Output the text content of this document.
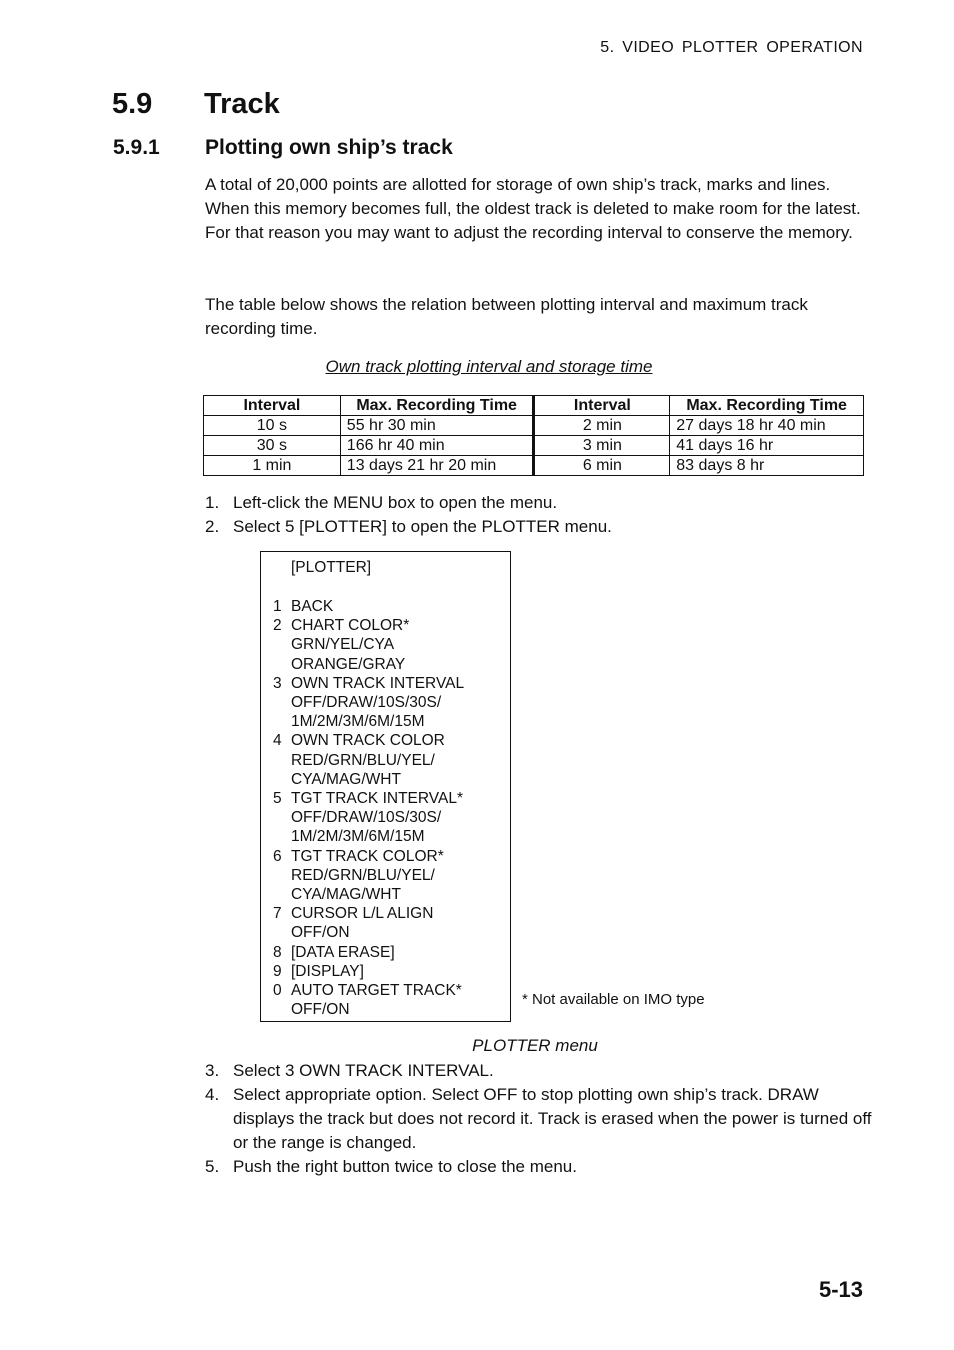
5. VIDEO PLOTTER OPERATION
5.9 Track
5.9.1 Plotting own ship’s track
A total of 20,000 points are allotted for storage of own ship’s track, marks and lines. When this memory becomes full, the oldest track is deleted to make room for the latest. For that reason you may want to adjust the recording interval to conserve the memory.
The table below shows the relation between plotting interval and maximum track recording time.
Own track plotting interval and storage time
Interval	Max. Recording Time	Interval	Max. Recording Time
10 s	55 hr 30 min	2 min	27 days 18 hr 40 min
30 s	166 hr 40 min	3 min	41 days 16 hr
1 min	13 days 21 hr 20 min	6 min	83 days 8 hr
1. Left-click the MENU box to open the menu.
2. Select 5 [PLOTTER] to open the PLOTTER menu.
[PLOTTER]
1 BACK
2 CHART COLOR*
GRN/YEL/CYA
ORANGE/GRAY
3 OWN TRACK INTERVAL
OFF/DRAW/10S/30S/
1M/2M/3M/6M/15M
4 OWN TRACK COLOR
RED/GRN/BLU/YEL/
CYA/MAG/WHT
5 TGT TRACK INTERVAL*
OFF/DRAW/10S/30S/
1M/2M/3M/6M/15M
6 TGT TRACK COLOR*
RED/GRN/BLU/YEL/
CYA/MAG/WHT
7 CURSOR L/L ALIGN
OFF/ON
8 [DATA ERASE]
9 [DISPLAY]
0 AUTO TARGET TRACK*
OFF/ON
* Not available on IMO type
PLOTTER menu
3. Select 3 OWN TRACK INTERVAL.
4. Select appropriate option. Select OFF to stop plotting own ship’s track. DRAW displays the track but does not record it. Track is erased when the power is turned off or the range is changed.
5. Push the right button twice to close the menu.
5-13
